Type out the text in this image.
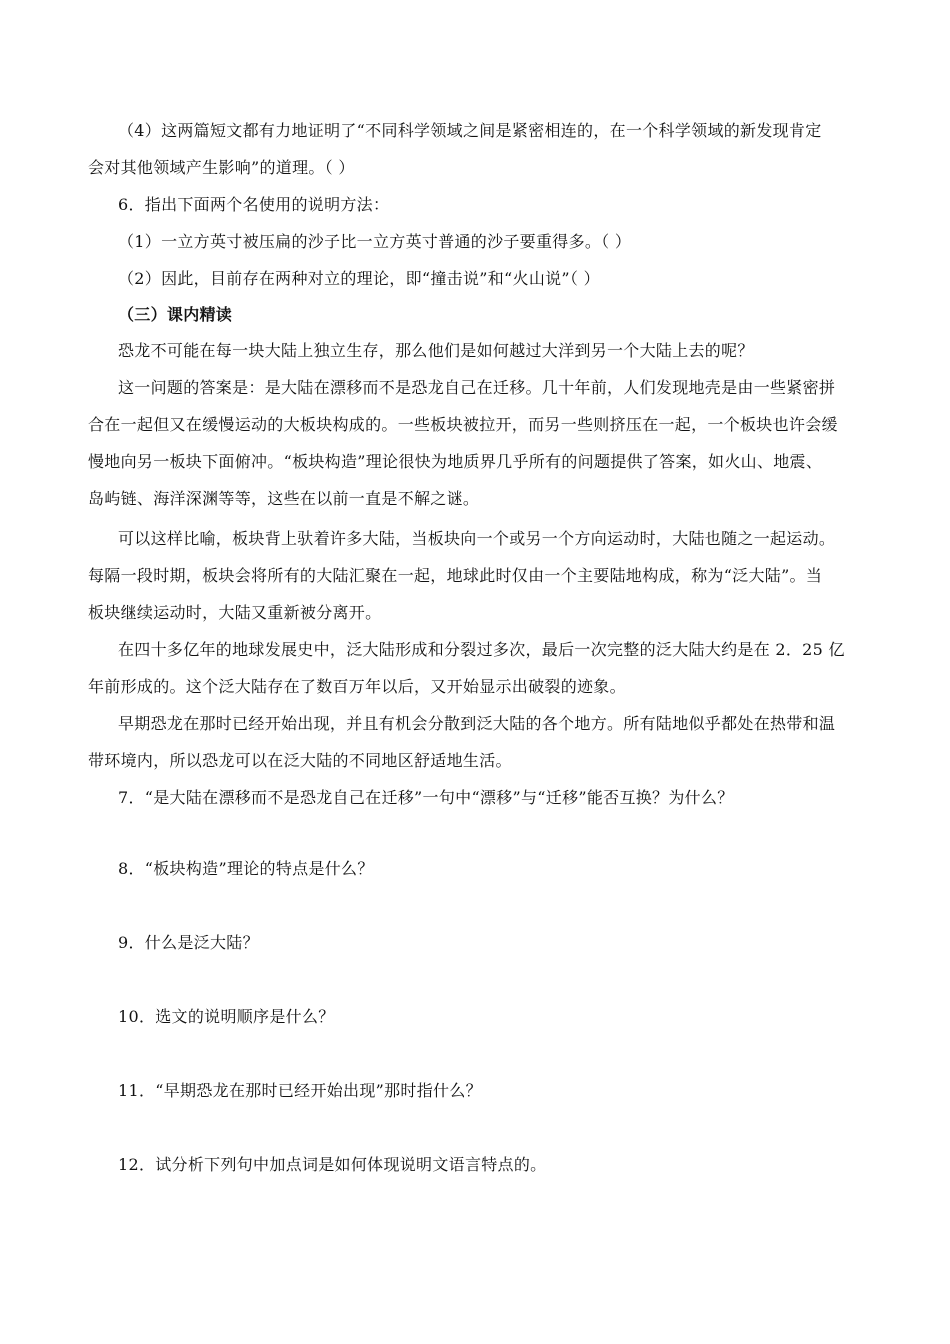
（4）这两篇短文都有力地证明了“不同科学领域之间是紧密相连的，在一个科学领域的新发现肯定
会对其他领域产生影响”的道理。（ ）
6．指出下面两个名使用的说明方法：
（1）一立方英寸被压扁的沙子比一立方英寸普通的沙子要重得多。（ ）
（2）因此，目前存在两种对立的理论，即“撞击说”和“火山说”（ ）
（三）课内精读
恐龙不可能在每一块大陆上独立生存，那么他们是如何越过大洋到另一个大陆上去的呢？
这一问题的答案是：是大陆在漂移而不是恐龙自己在迁移。几十年前，人们发现地壳是由一些紧密拼
合在一起但又在缓慢运动的大板块构成的。一些板块被拉开，而另一些则挤压在一起，一个板块也许会缓
慢地向另一板块下面俯冲。“板块构造”理论很快为地质界几乎所有的问题提供了答案，如火山、地震、
岛屿链、海洋深渊等等，这些在以前一直是不解之谜。
可以这样比喻，板块背上驮着许多大陆，当板块向一个或另一个方向运动时，大陆也随之一起运动。
每隔一段时期，板块会将所有的大陆汇聚在一起，地球此时仅由一个主要陆地构成，称为“泛大陆”。当
板块继续运动时，大陆又重新被分离开。
在四十多亿年的地球发展史中，泛大陆形成和分裂过多次，最后一次完整的泛大陆大约是在 2．25 亿
年前形成的。这个泛大陆存在了数百万年以后，又开始显示出破裂的迹象。
早期恐龙在那时已经开始出现，并且有机会分散到泛大陆的各个地方。所有陆地似乎都处在热带和温
带环境内，所以恐龙可以在泛大陆的不同地区舒适地生活。
7．“是大陆在漂移而不是恐龙自己在迁移”一句中“漂移”与“迁移”能否互换？为什么？
8．“板块构造”理论的特点是什么？
9．什么是泛大陆？
10．选文的说明顺序是什么？
11．“早期恐龙在那时已经开始出现”那时指什么？
12．试分析下列句中加点词是如何体现说明文语言特点的。
